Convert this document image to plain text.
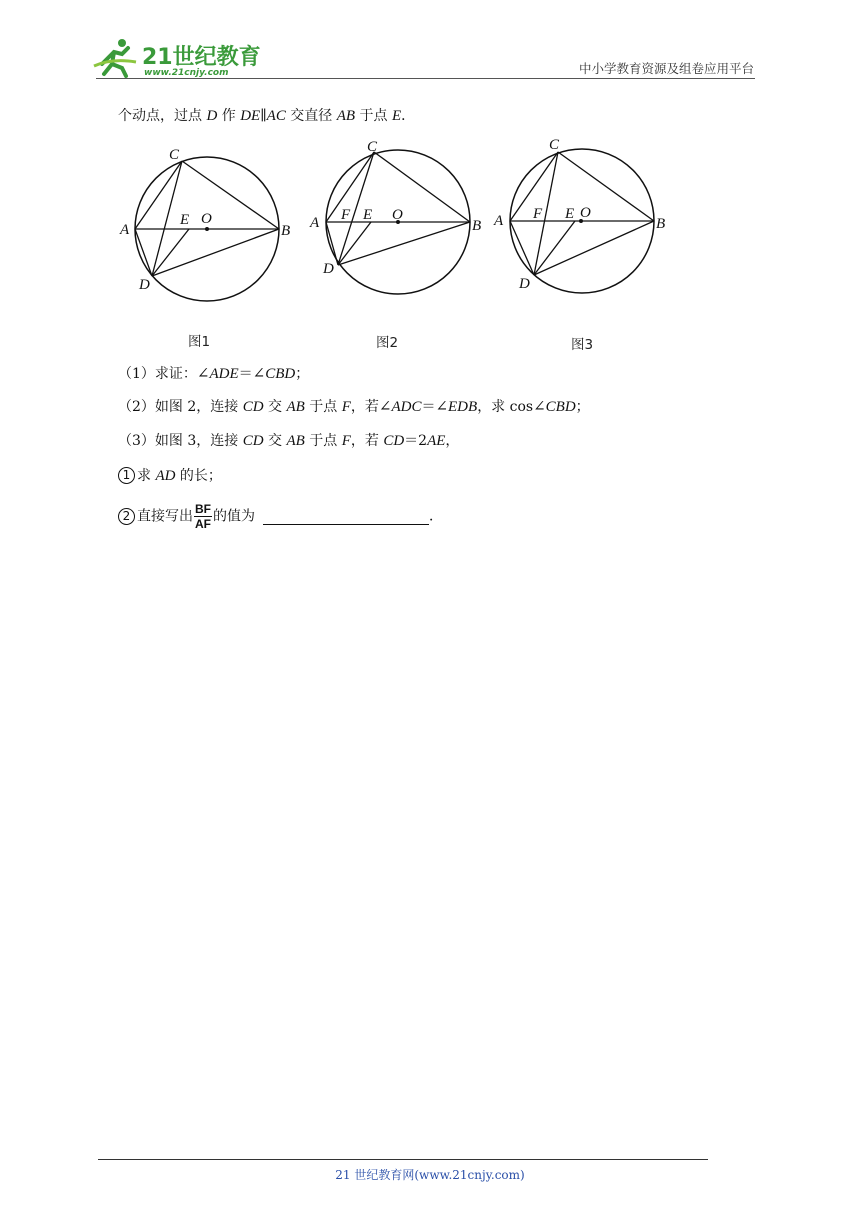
21世纪教育
www.21cnjy.com	中小学教育资源及组卷应用平台
个动点，过点 D 作 DE∥AC 交直径 AB 于点 E．
A	B
C
D
E O
图1
A	B
C
D
E
F	O
图2
A	B
C
D
E
F	O
图3
（1）求证：∠ADE＝∠CBD；
（2）如图 2，连接 CD 交 AB 于点 F，若∠ADC＝∠EDB，求 cos∠CBD；
（3）如图 3，连接 CD 交 AB 于点 F，若 CD＝2AE，
1 求 AD 的长；
2 直接写出 $\frac{BF}{AF}$ 的值为	．
21 世纪教育网(www.21cnjy.com)
